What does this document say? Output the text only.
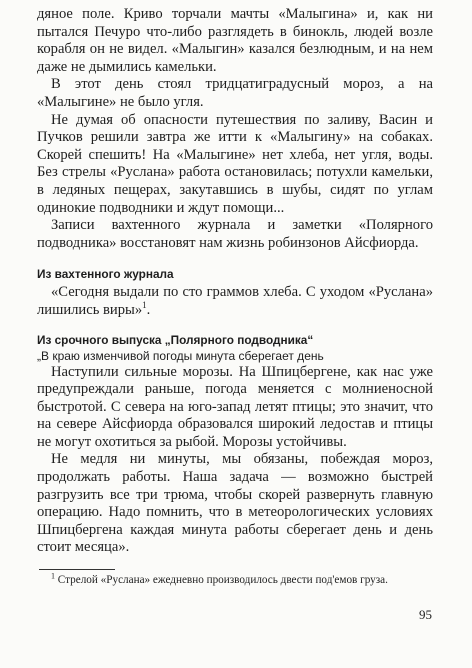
дяное поле. Криво торчали мачты «Малыгина» и, как ни пытался Печуро что-либо разглядеть в бинокль, людей возле корабля он не видел. «Малыгин» казался безлюдным, и на нем даже не дымились камельки.

В этот день стоял тридцатиградусный мороз, а на «Малыгине» не было угля.

Не думая об опасности путешествия по заливу, Васин и Пучков решили завтра же итти к «Малыгину» на собаках. Скорей спешить! На «Малыгине» нет хлеба, нет угля, воды. Без стрелы «Руслана» работа остановилась; потухли камельки, в ледяных пещерах, закутавшись в шубы, сидят по углам одинокие подводники и ждут помощи...

Записи вахтенного журнала и заметки «Полярного подводника» восстановят нам жизнь робинзонов Айсфиорда.

Из вахтенного журнала

«Сегодня выдали по сто граммов хлеба. С уходом «Руслана» лишились виры»$^1$.

Из срочного выпуска „Полярного подводника“

„В краю изменчивой погоды минута сберегает день

Наступили сильные морозы. На Шпицбергене, как нас уже предупреждали раньше, погода меняется с молниеносной быстротой. С севера на юго-запад летят птицы; это значит, что на севере Айсфиорда образовался широкий ледостав и птицы не могут охотиться за рыбой. Морозы устойчивы.

Не медля ни минуты, мы обязаны, побеждая мороз, продолжать работы. Наша задача — возможно быстрей разгрузить все три трюма, чтобы скорей развернуть главную операцию. Надо помнить, что в метеорологических условиях Шпицбергена каждая минута работы сберегает день и день стоит месяца».

$^1$ Стрелой «Руслана» ежедневно производилось двести под'емов груза.

95
